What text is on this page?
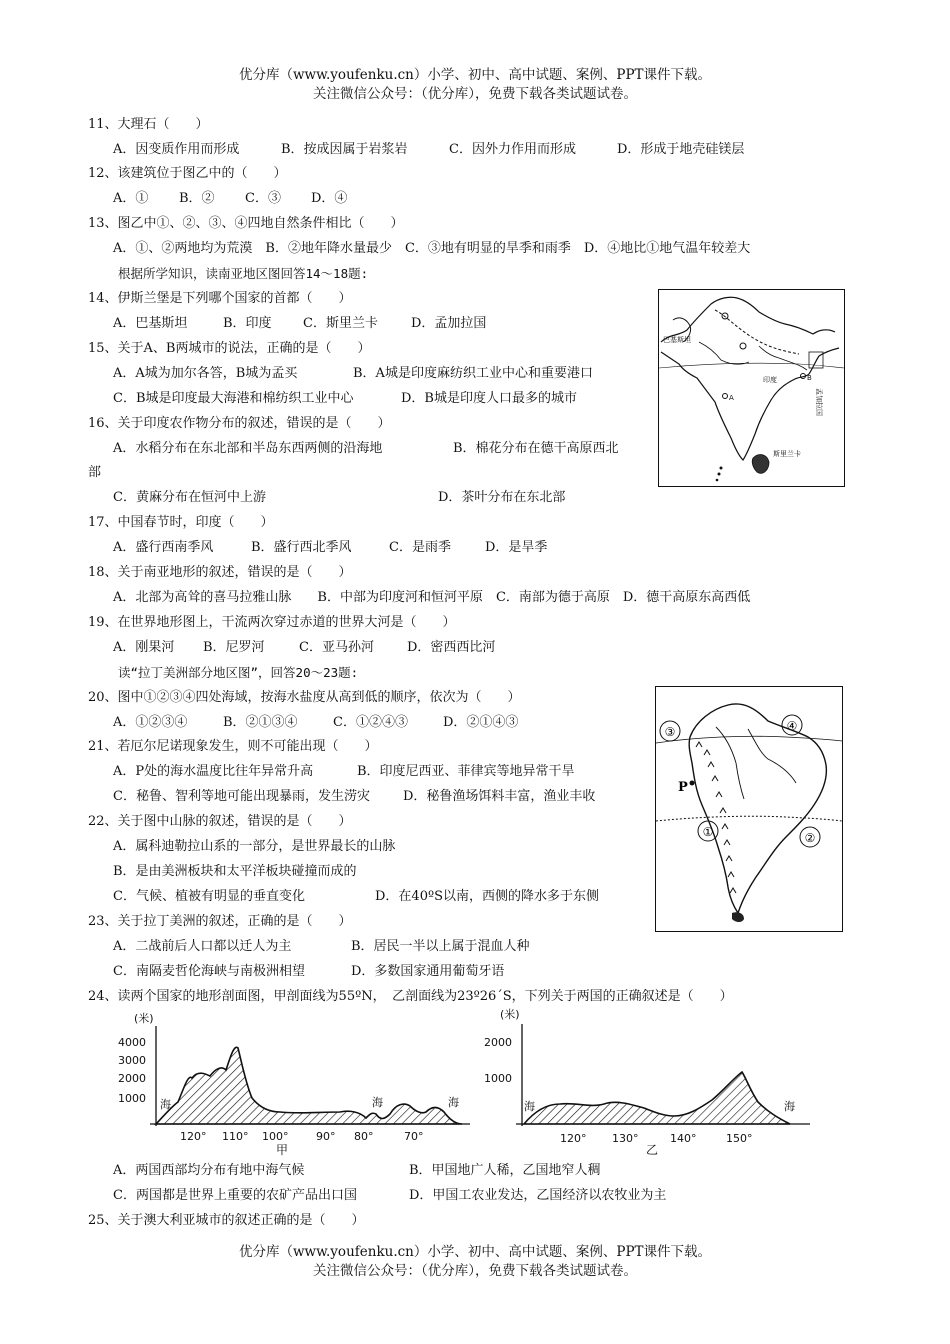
优分库（www.youfenku.cn）小学、初中、高中试题、案例、PPT课件下载。
关注微信公众号：（优分库），免费下载各类试题试卷。
11、大理石（　　）
A．因变质作用而形成	B．按成因属于岩浆岩	C．因外力作用而形成	D．形成于地壳硅镁层
12、该建筑位于图乙中的（　　）
A．① B．② C．③ D．④
13、图乙中①、②、③、④四地自然条件相比（　　）
A．①、②两地均为荒漠　B．②地年降水量最少　C．③地有明显的旱季和雨季　D．④地比①地气温年较差大
根据所学知识，读南亚地区图回答14～18题:
14、伊斯兰堡是下列哪个国家的首都（　　）
A．巴基斯坦	B．印度 C．斯里兰卡	D．孟加拉国
15、关于A、B两城市的说法，正确的是（　　）
A．A城为加尔各答，B城为孟买	B．A城是印度麻纺织工业中心和重要港口
C．B城是印度最大海港和棉纺织工业中心	D．B城是印度人口最多的城市
16、关于印度农作物分布的叙述，错误的是（　　）
A．水稻分布在东北部和半岛东西两侧的沿海地	B．棉花分布在德干高原西北
部
C．黄麻分布在恒河中上游	D．茶叶分布在东北部
巴基斯坦
印度
孟加拉国
斯里兰卡
A
B
17、中国春节时，印度（　　）
A．盛行西南季风	B．盛行西北季风	C．是雨季	D．是旱季
18、关于南亚地形的叙述，错误的是（　　）
A．北部为高耸的喜马拉雅山脉　　B．中部为印度河和恒河平原　C．南部为德于高原　D．德干高原东高西低
19、在世界地形图上，干流两次穿过赤道的世界大河是（　　）
A．刚果河 B．尼罗河	C．亚马孙河	D．密西西比河
读“拉丁美洲部分地区图”，回答20～23题:
20、图中①②③④四处海域，按海水盐度从高到低的顺序，依次为（　　）
A．①②③④	B．②①③④	C．①②④③	D．②①④③
21、若厄尔尼诺现象发生，则不可能出现（　　）
A．P处的海水温度比往年异常升高	B．印度尼西亚、菲律宾等地异常干旱
C．秘鲁、智利等地可能出现暴雨，发生涝灾	D．秘鲁渔场饵料丰富，渔业丰收
22、关于图中山脉的叙述，错误的是（　　）
A．属科迪勒拉山系的一部分，是世界最长的山脉
B．是由美洲板块和太平洋板块碰撞而成的
C．气候、植被有明显的垂直变化	D．在40ºS以南，西侧的降水多于东侧
③	④
①	②
P
23、关于拉丁美洲的叙述，正确的是（　　）
A．二战前后人口都以迁人为主	B．居民一半以上属于混血人种
C．南隔麦哲伦海峡与南极洲相望	D．多数国家通用葡萄牙语
24、读两个国家的地形剖面图，甲剖面线为55ºN，　乙剖面线为23º26´S，下列关于两国的正确叙述是（　　）
(米)
4000
3000
2000
1000 海	海	海
120° 110° 100°	90° 80°	70°
甲
(米)
2000
1000
海	海
120° 130°	140°	150°
乙
A．两国西部均分布有地中海气候	B．甲国地广人稀，乙国地窄人稠
C．两国都是世界上重要的农矿产品出口国	D．甲国工农业发达，乙国经济以农牧业为主
25、关于澳大利亚城市的叙述正确的是（　　）
优分库（www.youfenku.cn）小学、初中、高中试题、案例、PPT课件下载。
关注微信公众号：（优分库），免费下载各类试题试卷。
